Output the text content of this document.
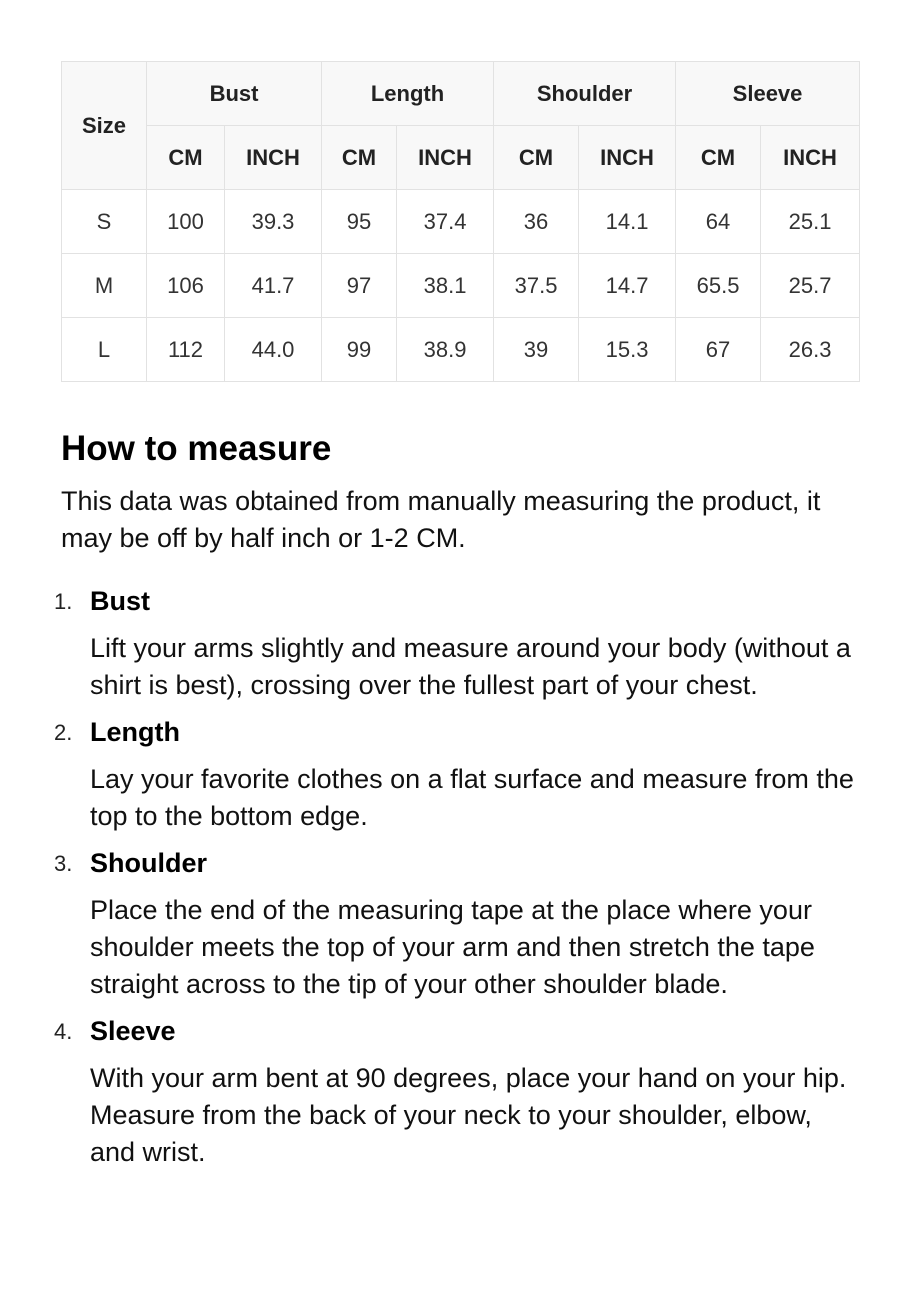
Size	Bust		Length		Shoulder		Sleeve	
	CM	INCH	CM	INCH	CM	INCH	CM	INCH
S	100	39.3	95	37.4	36	14.1	64	25.1
M	106	41.7	97	38.1	37.5	14.7	65.5	25.7
L	112	44.0	99	38.9	39	15.3	67	26.3
How to measure
This data was obtained from manually measuring the product, it may be off by half inch or 1-2 CM.
1. Bust
Lift your arms slightly and measure around your body (without a shirt is best), crossing over the fullest part of your chest.
2. Length
Lay your favorite clothes on a flat surface and measure from the top to the bottom edge.
3. Shoulder
Place the end of the measuring tape at the place where your shoulder meets the top of your arm and then stretch the tape straight across to the tip of your other shoulder blade.
4. Sleeve
With your arm bent at 90 degrees, place your hand on your hip. Measure from the back of your neck to your shoulder, elbow, and wrist.
